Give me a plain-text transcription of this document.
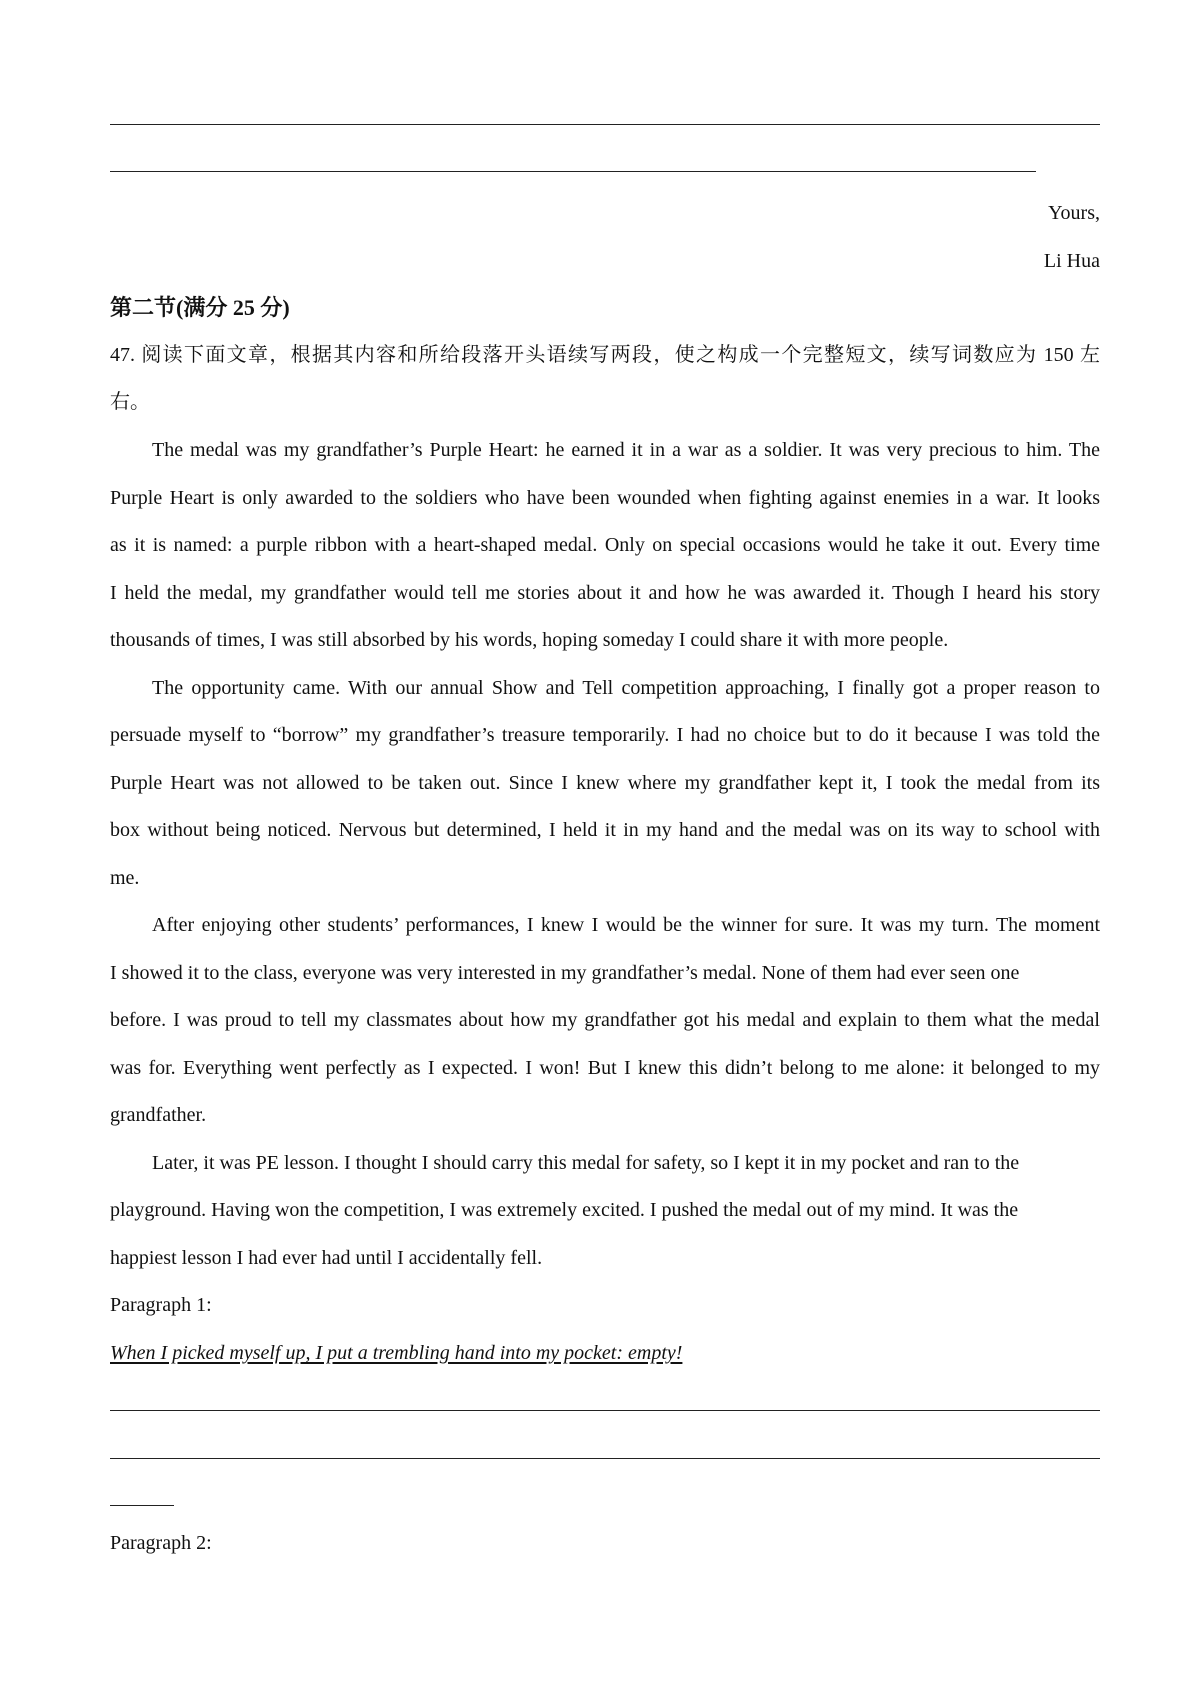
Yours,
Li Hua
第二节(满分 25 分)
47. 阅读下面文章，根据其内容和所给段落开头语续写两段，使之构成一个完整短文，续写词数应为 150 左
右。
The medal was my grandfather’s Purple Heart: he earned it in a war as a soldier. It was very precious to him. The
Purple Heart is only awarded to the soldiers who have been wounded when fighting against enemies in a war. It looks
as it is named: a purple ribbon with a heart-shaped medal. Only on special occasions would he take it out. Every time
I held the medal, my grandfather would tell me stories about it and how he was awarded it. Though I heard his story
thousands of times, I was still absorbed by his words, hoping someday I could share it with more people.
The opportunity came. With our annual Show and Tell competition approaching, I finally got a proper reason to
persuade myself to “borrow” my grandfather’s treasure temporarily. I had no choice but to do it because I was told the
Purple Heart was not allowed to be taken out. Since I knew where my grandfather kept it, I took the medal from its
box without being noticed. Nervous but determined, I held it in my hand and the medal was on its way to school with
me.
After enjoying other students’ performances, I knew I would be the winner for sure. It was my turn. The moment
I showed it to the class, everyone was very interested in my grandfather’s medal. None of them had ever seen one
before. I was proud to tell my classmates about how my grandfather got his medal and explain to them what the medal
was for. Everything went perfectly as I expected. I won! But I knew this didn’t belong to me alone: it belonged to my
grandfather.
Later, it was PE lesson. I thought I should carry this medal for safety, so I kept it in my pocket and ran to the
playground. Having won the competition, I was extremely excited. I pushed the medal out of my mind. It was the
happiest lesson I had ever had until I accidentally fell.
Paragraph 1:
When I picked myself up, I put a trembling hand into my pocket: empty!
Paragraph 2:
